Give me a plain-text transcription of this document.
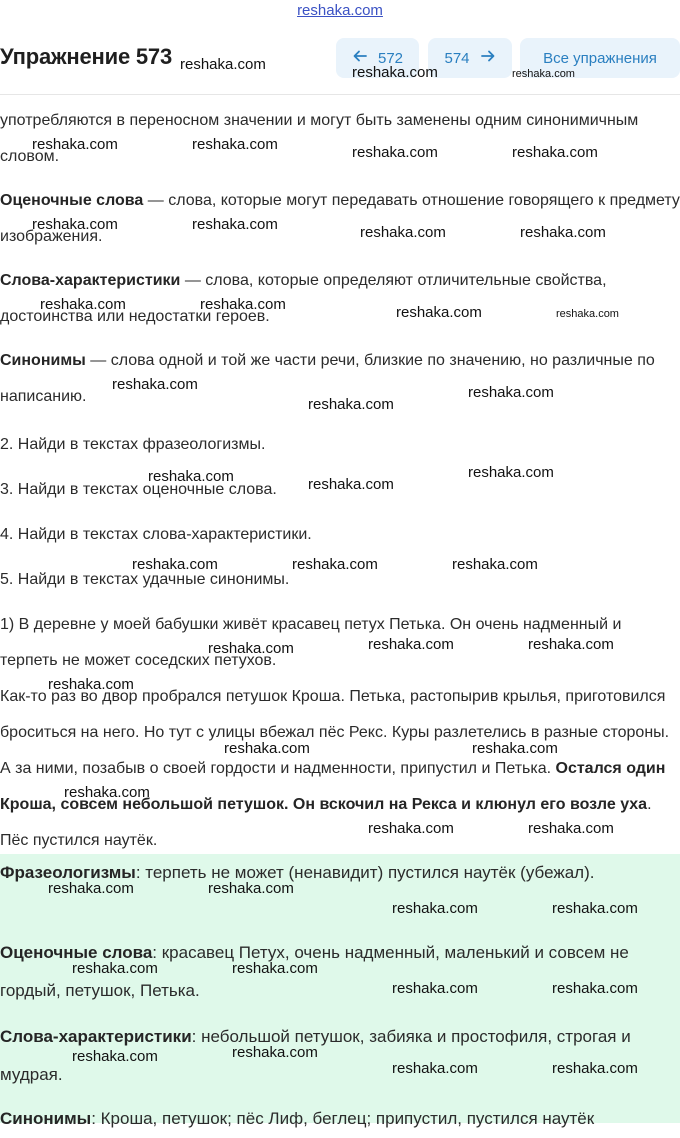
reshaka.com
Упражнение 573	572	574	Все упражнения

употребляются в переносном значении и могут быть заменены одним синонимичным словом.

Оценочные слова — слова, которые могут передавать отношение говорящего к предмету изображения.

Слова-характеристики — слова, которые определяют отличительные свойства, достоинства или недостатки героев.

Синонимы — слова одной и той же части речи, близкие по значению, но различные по написанию.

2. Найди в текстах фразеологизмы.

3. Найди в текстах оценочные слова.

4. Найди в текстах слова-характеристики.

5. Найди в текстах удачные синонимы.

1) В деревне у моей бабушки живёт красавец петух Петька. Он очень надменный и терпеть не может соседских петухов.

Как-то раз во двор пробрался петушок Кроша. Петька, растопырив крылья, приготовился броситься на него. Но тут с улицы вбежал пёс Рекс. Куры разлетелись в разные стороны. А за ними, позабыв о своей гордости и надменности, припустил и Петька. Остался один Кроша, совсем небольшой петушок. Он вскочил на Рекса и клюнул его возле уха. Пёс пустился наутёк.

Фразеологизмы: терпеть не может (ненавидит) пустился наутёк (убежал).

Оценочные слова: красавец Петух, очень надменный, маленький и совсем не гордый, петушок, Петька.

Слова-характеристики: небольшой петушок, забияка и простофиля, строгая и мудрая.

Синонимы: Кроша, петушок; пёс Лиф, беглец; припустил, пустился наутёк

reshaka.com	reshaka.com	reshaka.com
reshaka.com	reshaka.com	reshaka.com	reshaka.com
reshaka.com	reshaka.com	reshaka.com	reshaka.com
reshaka.com	reshaka.com	reshaka.com	reshaka.com
reshaka.com
reshaka.com
reshaka.com
reshaka.com	reshaka.com
reshaka.com
reshaka.com	reshaka.com	reshaka.com
reshaka.com	reshaka.com	reshaka.com
reshaka.com
reshaka.com	reshaka.com
reshaka.com
reshaka.com	reshaka.com
reshaka.com	reshaka.com
reshaka.com	reshaka.com
reshaka.com	reshaka.com
reshaka.com	reshaka.com
reshaka.com	reshaka.com
reshaka.com	reshaka.com
